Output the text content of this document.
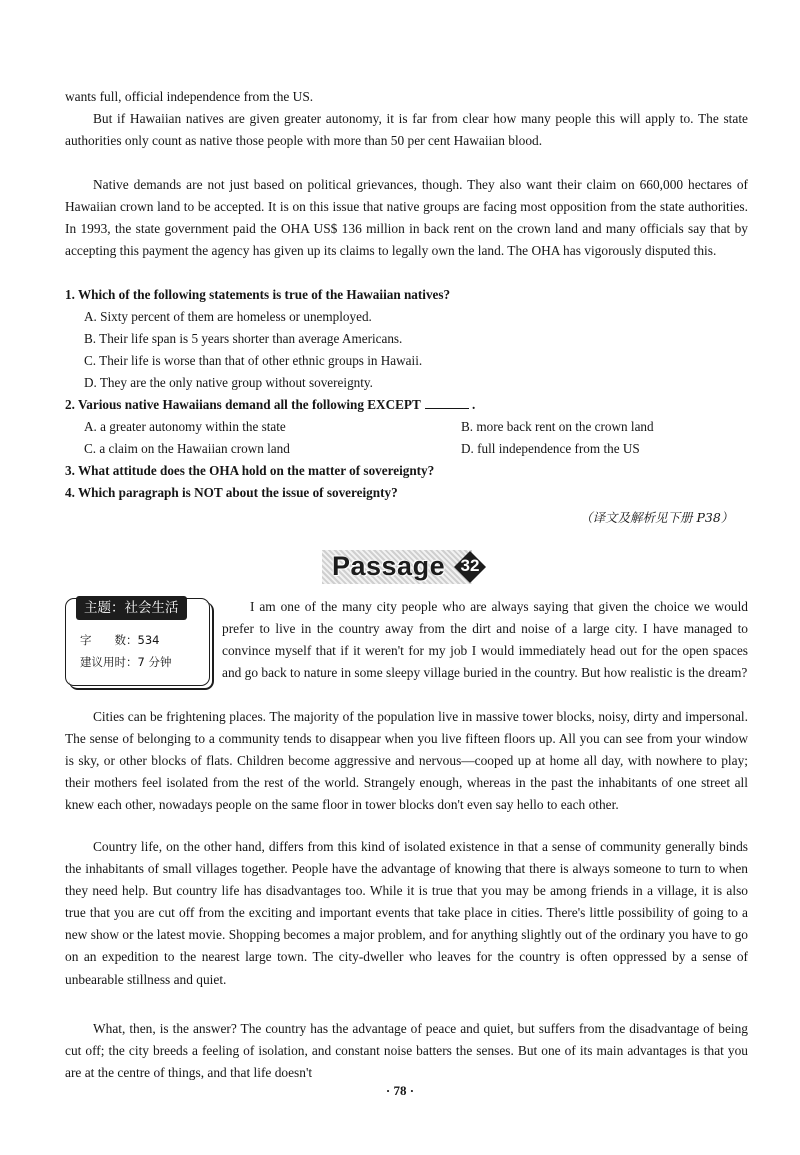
wants full, official independence from the US.

But if Hawaiian natives are given greater autonomy, it is far from clear how many people this will apply to. The state authorities only count as native those people with more than 50 per cent Hawaiian blood.

Native demands are not just based on political grievances, though. They also want their claim on 660,000 hectares of Hawaiian crown land to be accepted. It is on this issue that native groups are facing most opposition from the state authorities. In 1993, the state government paid the OHA US$ 136 million in back rent on the crown land and many officials say that by accepting this payment the agency has given up its claims to legally own the land. The OHA has vigorously disputed this.

1. Which of the following statements is true of the Hawaiian natives?

A. Sixty percent of them are homeless or unemployed.

B. Their life span is 5 years shorter than average Americans.

C. Their life is worse than that of other ethnic groups in Hawaii.

D. They are the only native group without sovereignty.

2. Various native Hawaiians demand all the following EXCEPT	.

A. a greater autonomy within the state	B. more back rent on the crown land

C. a claim on the Hawaiian crown land	D. full independence from the US

3. What attitude does the OHA hold on the matter of sovereignty?
4. Which paragraph is NOT about the issue of sovereignty?
（译文及解析见下册 P38）
Passage 32
主题：社会生活
字　　数：534
建议用时：7 分钟

I am one of the many city people who are always saying that given the choice we would prefer to live in the country away from the dirt and noise of a large city. I have managed to convince myself that if it weren't for my job I would immediately head out for the open spaces and go back to nature in some sleepy village buried in the country. But how realistic is the dream?

Cities can be frightening places. The majority of the population live in massive tower blocks, noisy, dirty and impersonal. The sense of belonging to a community tends to disappear when you live fifteen floors up. All you can see from your window is sky, or other blocks of flats. Children become aggressive and nervous—cooped up at home all day, with nowhere to play; their mothers feel isolated from the rest of the world. Strangely enough, whereas in the past the inhabitants of one street all knew each other, nowadays people on the same floor in tower blocks don't even say hello to each other.

Country life, on the other hand, differs from this kind of isolated existence in that a sense of community generally binds the inhabitants of small villages together. People have the advantage of knowing that there is always someone to turn to when they need help. But country life has disadvantages too. While it is true that you may be among friends in a village, it is also true that you are cut off from the exciting and important events that take place in cities. There's little possibility of going to a new show or the latest movie. Shopping becomes a major problem, and for anything slightly out of the ordinary you have to go on an expedition to the nearest large town. The city-dweller who leaves for the country is often oppressed by a sense of unbearable stillness and quiet.

What, then, is the answer? The country has the advantage of peace and quiet, but suffers from the disadvantage of being cut off; the city breeds a feeling of isolation, and constant noise batters the senses. But one of its main advantages is that you are at the centre of things, and that life doesn't

· 78 ·
